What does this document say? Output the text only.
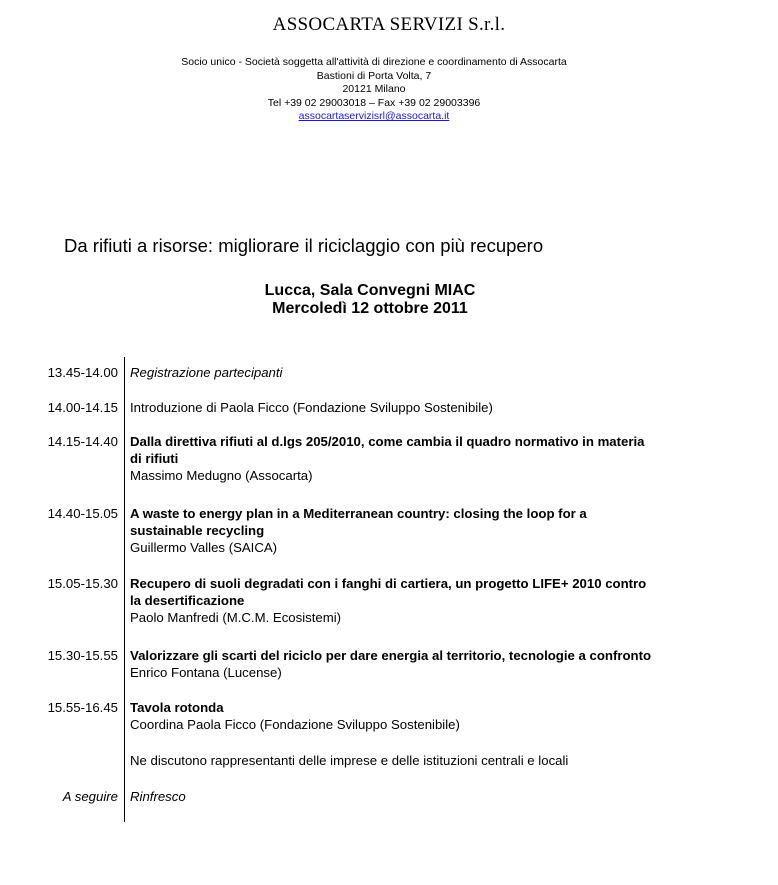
ASSOCARTA SERVIZI S.r.l.
Socio unico - Società soggetta all'attività di direzione e coordinamento di Assocarta
Bastioni di Porta Volta, 7
20121 Milano
Tel +39 02 29003018 – Fax +39 02 29003396
assocartaservizisrl@assocarta.it
Da rifiuti a risorse: migliorare il riciclaggio con più recupero
Lucca, Sala Convegni MIAC
Mercoledì 12 ottobre 2011
13.45-14.00 Registrazione partecipanti
14.00-14.15 Introduzione di Paola Ficco (Fondazione Sviluppo Sostenibile)
14.15-14.40 Dalla direttiva rifiuti al d.lgs 205/2010, come cambia il quadro normativo in materia
di rifiuti
Massimo Medugno (Assocarta)
14.40-15.05 A waste to energy plan in a Mediterranean country: closing the loop for a
sustainable recycling
Guillermo Valles (SAICA)
15.05-15.30 Recupero di suoli degradati con i fanghi di cartiera, un progetto LIFE+ 2010 contro
la desertificazione
Paolo Manfredi (M.C.M. Ecosistemi)
15.30-15.55 Valorizzare gli scarti del riciclo per dare energia al territorio, tecnologie a confronto
Enrico Fontana (Lucense)
15.55-16.45 Tavola rotonda
Coordina Paola Ficco (Fondazione Sviluppo Sostenibile)
Ne discutono rappresentanti delle imprese e delle istituzioni centrali e locali
A seguire Rinfresco
